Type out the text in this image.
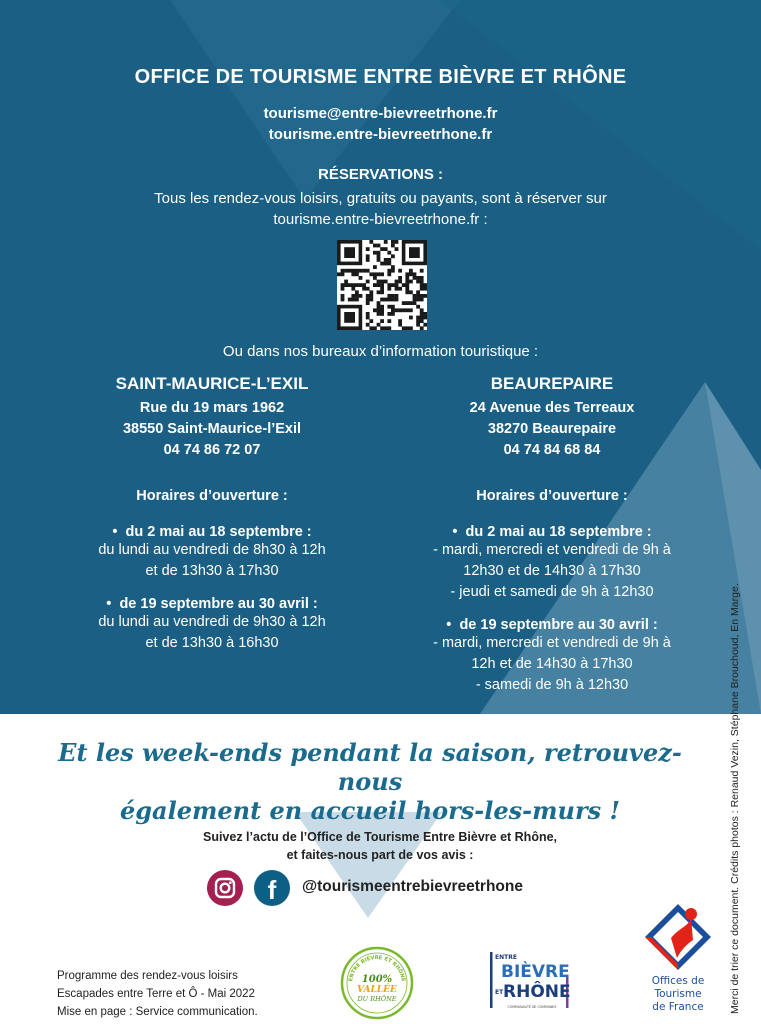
OFFICE DE TOURISME ENTRE BIÈVRE ET RHÔNE
tourisme@entre-bievreetrhone.fr
tourisme.entre-bievreetrhone.fr
RÉSERVATIONS :
Tous les rendez-vous loisirs, gratuits ou payants, sont à réserver sur
tourisme.entre-bievreetrhone.fr :
Ou dans nos bureaux d’information touristique :
SAINT-MAURICE-L’EXIL
Rue du 19 mars 1962
38550 Saint-Maurice-l’Exil
04 74 86 72 07
Horaires d’ouverture :
•  du 2 mai au 18 septembre :
du lundi au vendredi de 8h30 à 12h
et de 13h30 à 17h30
•  de 19 septembre au 30 avril :
du lundi au vendredi de 9h30 à 12h
et de 13h30 à 16h30
BEAUREPAIRE
24 Avenue des Terreaux
38270 Beaurepaire
04 74 84 68 84
Horaires d’ouverture :
•  du 2 mai au 18 septembre :
- mardi, mercredi et vendredi de 9h à
12h30 et de 14h30 à 17h30
- jeudi et samedi de 9h à 12h30
•  de 19 septembre au 30 avril :
- mardi, mercredi et vendredi de 9h à
12h et de 14h30 à 17h30
- samedi de 9h à 12h30
Et les week-ends pendant la saison, retrouvez-nous
également en accueil hors-les-murs !
Suivez l’actu de l’Office de Tourisme Entre Bièvre et Rhône,
et faites-nous part de vos avis :
f	@tourismeentrebievreetrhone
Programme des rendez-vous loisirs
Escapades entre Terre et Ô - Mai 2022
Mise en page : Service communication.
ENTRE BIÈVRE ET RHÔNE
100%
VALLÉE
DU RHÔNE
ENTRE
BIÈVRE
ET RHÔNE
COMMUNAUTÉ DE COMMUNES
Offices de
Tourisme
de France Merci de trier ce document. Crédits photos : Renaud Vezin, Stéphane Brouchoud, En Marge.
